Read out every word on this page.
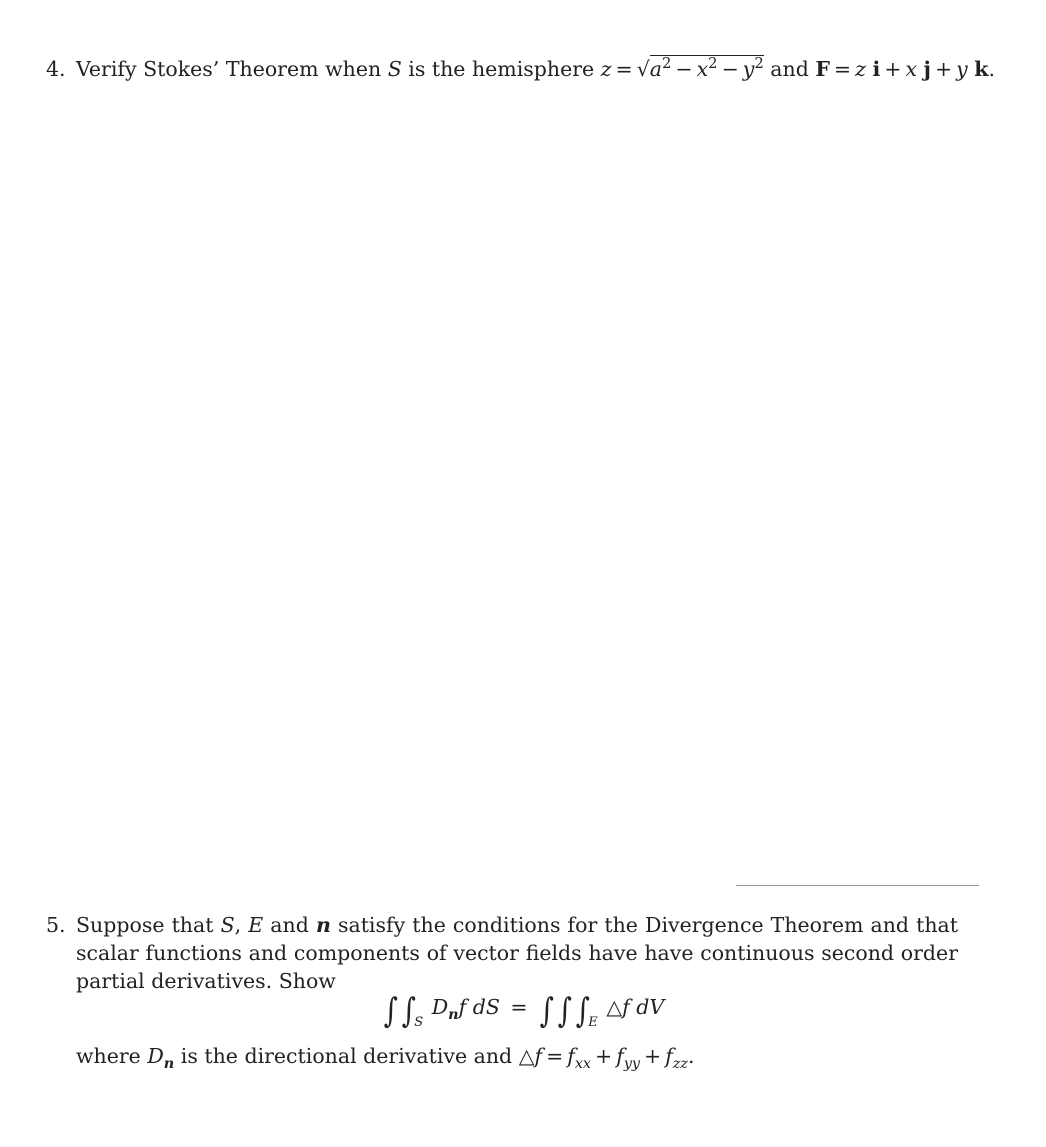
4. Verify Stokes’ Theorem when S is the hemisphere $z = √a^2 - x^2 - y^2$ and F = z i + x j + y k.
5. Suppose that S, E and n satisfy the conditions for the Divergence Theorem and that scalar functions and components of vector fields have have continuous second order partial derivatives. Show
∫ $\int_S$ $D_nf$ dS = ∫ ∫ $\int_E$ △f dV
where $D_n$ is the directional derivative and △f = $f_{xx} + f_{yy} + f_{zz}$.
